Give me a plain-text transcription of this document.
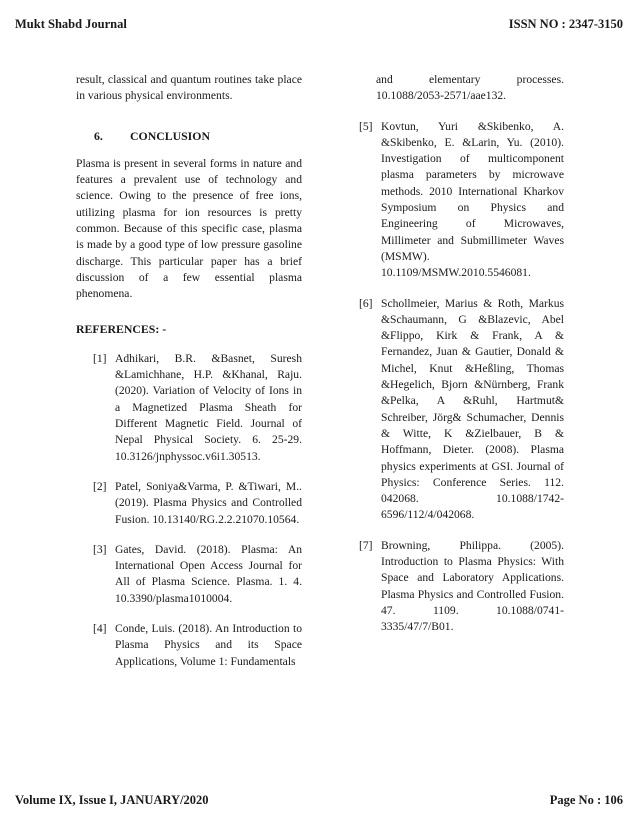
Mukt Shabd Journal	ISSN NO : 2347-3150

result, classical and quantum routines take place in various physical environments.

6. CONCLUSION

Plasma is present in several forms in nature and features a prevalent use of technology and science. Owing to the presence of free ions, utilizing plasma for ion resources is pretty common. Because of this specific case, plasma is made by a good type of low pressure gasoline discharge. This particular paper has a brief discussion of a few essential plasma phenomena.

REFERENCES: -
[1] Adhikari, B.R. &Basnet, Suresh &Lamichhane, H.P. &Khanal, Raju. (2020). Variation of Velocity of Ions in a Magnetized Plasma Sheath for Different Magnetic Field. Journal of Nepal Physical Society. 6. 25-29. 10.3126/jnphyssoc.v6i1.30513.
[2] Patel, Soniya&Varma, P. &Tiwari, M.. (2019). Plasma Physics and Controlled Fusion. 10.13140/RG.2.2.21070.10564.
[3] Gates, David. (2018). Plasma: An International Open Access Journal for All of Plasma Science. Plasma. 1. 4. 10.3390/plasma1010004.
[4] Conde, Luis. (2018). An Introduction to Plasma Physics and its Space Applications, Volume 1: Fundamentals
and elementary processes. 10.1088/2053-2571/aae132.
[5] Kovtun, Yuri &Skibenko, A. &Skibenko, E. &Larin, Yu. (2010). Investigation of multicomponent plasma parameters by microwave methods. 2010 International Kharkov Symposium on Physics and Engineering of Microwaves, Millimeter and Submillimeter Waves (MSMW). 10.1109/MSMW.2010.5546081.
[6] Schollmeier, Marius & Roth, Markus &Schaumann, G &Blazevic, Abel &Flippo, Kirk & Frank, A & Fernandez, Juan & Gautier, Donald & Michel, Knut &Heßling, Thomas &Hegelich, Bjorn &Nürnberg, Frank &Pelka, A &Ruhl, Hartmut& Schreiber, Jörg& Schumacher, Dennis & Witte, K &Zielbauer, B & Hoffmann, Dieter. (2008). Plasma physics experiments at GSI. Journal of Physics: Conference Series. 112. 042068. 10.1088/1742-6596/112/4/042068.
[7] Browning, Philippa. (2005). Introduction to Plasma Physics: With Space and Laboratory Applications. Plasma Physics and Controlled Fusion. 47. 1109. 10.1088/0741-3335/47/7/B01.
Volume IX, Issue I, JANUARY/2020	Page No : 106
